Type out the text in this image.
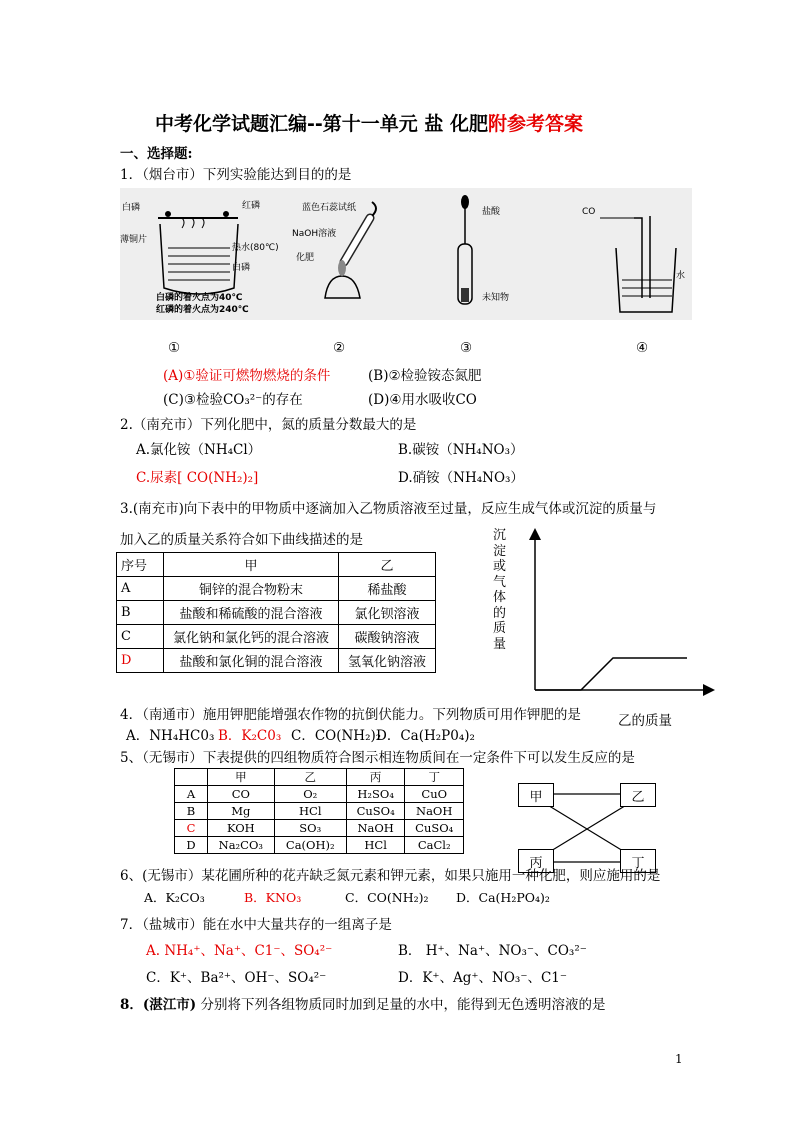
中考化学试题汇编--第十一单元 盐 化肥附参考答案
一、选择题:
1．（烟台市）下列实验能达到目的的是
白磷	红磷
薄铜片
热水(80℃)
白磷
白磷的着火点为40℃
红磷的着火点为240℃
蓝色石蕊试纸
NaOH溶液
化肥
盐酸
未知物
CO
水
①	②	③	④
(A)①验证可燃物燃烧的条件	(B)②检验铵态氮肥
(C)③检验CO₃²⁻的存在	(D)④用水吸收CO
2.（南充市）下列化肥中，氮的质量分数最大的是
A.氯化铵（NH₄Cl）	B.碳铵（NH₄NO₃）
C.尿素[ CO(NH₂)₂]	D.硝铵（NH₄NO₃）
3.(南充市)向下表中的甲物质中逐滴加入乙物质溶液至过量，反应生成气体或沉淀的质量与
加入乙的质量关系符合如下曲线描述的是
序号	甲	乙
A	铜锌的混合物粉末	稀盐酸
B	盐酸和稀硫酸的混合溶液	氯化钡溶液
C	氯化钠和氯化钙的混合溶液	碳酸钠溶液
D	盐酸和氯化铜的混合溶液	氢氧化钠溶液
沉
淀
或
气
体
的
质
量
乙的质量
4．（南通市）施用钾肥能增强农作物的抗倒伏能力。下列物质可用作钾肥的是
A．NH₄HC0₃ B．K₂C0₃ C．CO(NH₂)₂
D．Ca(H₂P0₄)₂
5、（无锡市）下表提供的四组物质符合图示相连物质间在一定条件下可以发生反应的是
	甲	乙	丙	丁
A	CO	O₂	H₂SO₄	CuO
B	Mg	HCl	CuSO₄	NaOH
C	KOH	SO₃	NaOH	CuSO₄
D	Na₂CO₃	Ca(OH)₂	HCl	CaCl₂
甲	乙
丙	丁
6、(无锡市）某花圃所种的花卉缺乏氮元素和钾元素，如果只施用一种化肥，则应施用的是
A．K₂CO₃	B．KNO₃	C．CO(NH₂)₂ D．Ca(H₂PO₄)₂
7．（盐城市）能在水中大量共存的一组离子是
A. NH₄⁺、Na⁺、C1⁻、SO₄²⁻	B． H⁺、Na⁺、NO₃⁻、CO₃²⁻
C．K⁺、Ba²⁺、OH⁻、SO₄²⁻	D．K⁺、Ag⁺、NO₃⁻、C1⁻
8．(湛江市) 分别将下列各组物质同时加到足量的水中，能得到无色透明溶液的是
1
